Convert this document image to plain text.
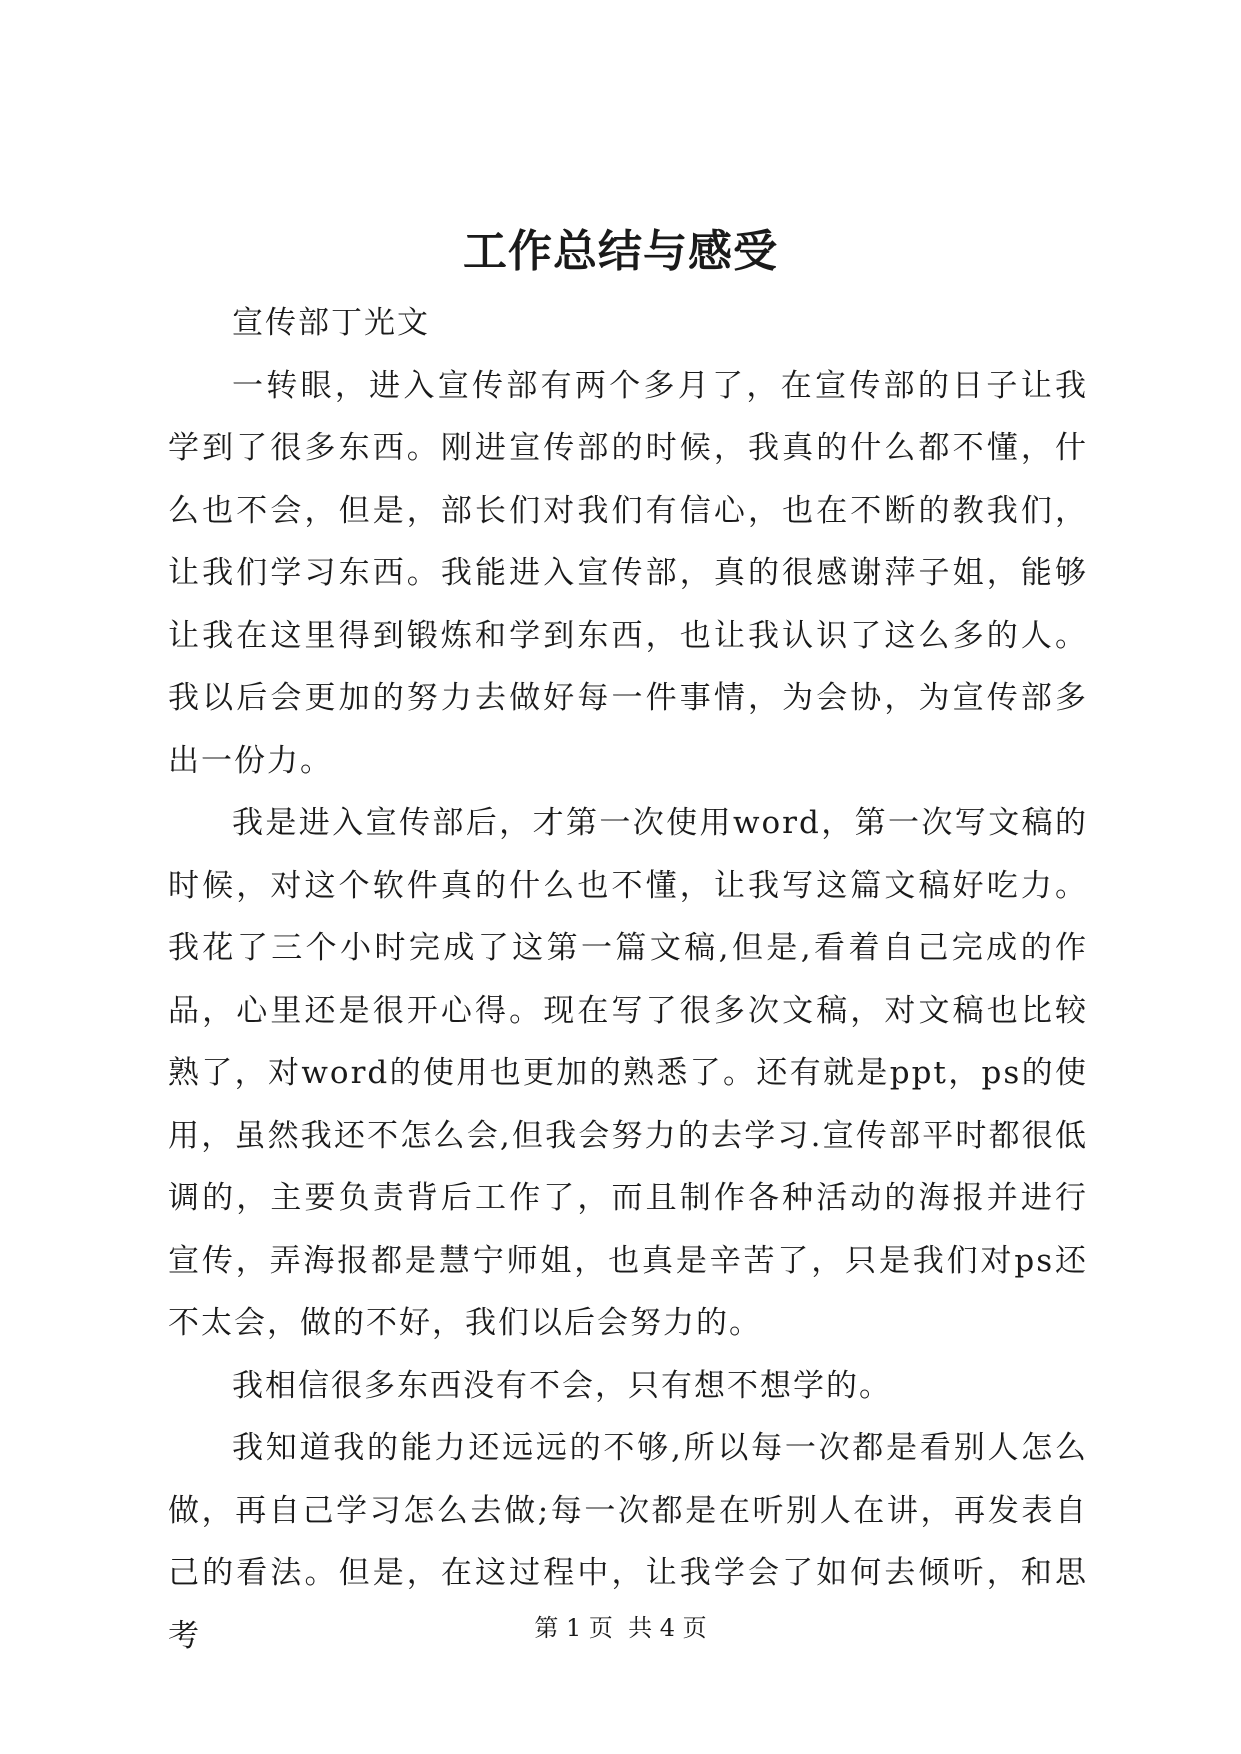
工作总结与感受

宣传部丁光文

一转眼，进入宣传部有两个多月了，在宣传部的日子让我学到了很多东西。刚进宣传部的时候，我真的什么都不懂，什么也不会，但是，部长们对我们有信心，也在不断的教我们，让我们学习东西。我能进入宣传部，真的很感谢萍子姐，能够让我在这里得到锻炼和学到东西，也让我认识了这么多的人。我以后会更加的努力去做好每一件事情，为会协，为宣传部多出一份力。

我是进入宣传部后，才第一次使用word，第一次写文稿的时候，对这个软件真的什么也不懂，让我写这篇文稿好吃力。我花了三个小时完成了这第一篇文稿,但是,看着自己完成的作品，心里还是很开心得。现在写了很多次文稿，对文稿也比较熟了，对word的使用也更加的熟悉了。还有就是ppt，ps的使用，虽然我还不怎么会,但我会努力的去学习.宣传部平时都很低调的，主要负责背后工作了，而且制作各种活动的海报并进行宣传，弄海报都是慧宁师姐，也真是辛苦了，只是我们对ps还不太会，做的不好，我们以后会努力的。

我相信很多东西没有不会，只有想不想学的。

我知道我的能力还远远的不够,所以每一次都是看别人怎么做，再自己学习怎么去做;每一次都是在听别人在讲，再发表自己的看法。但是，在这过程中，让我学会了如何去倾听，和思考	第 1 页  共 4 页
